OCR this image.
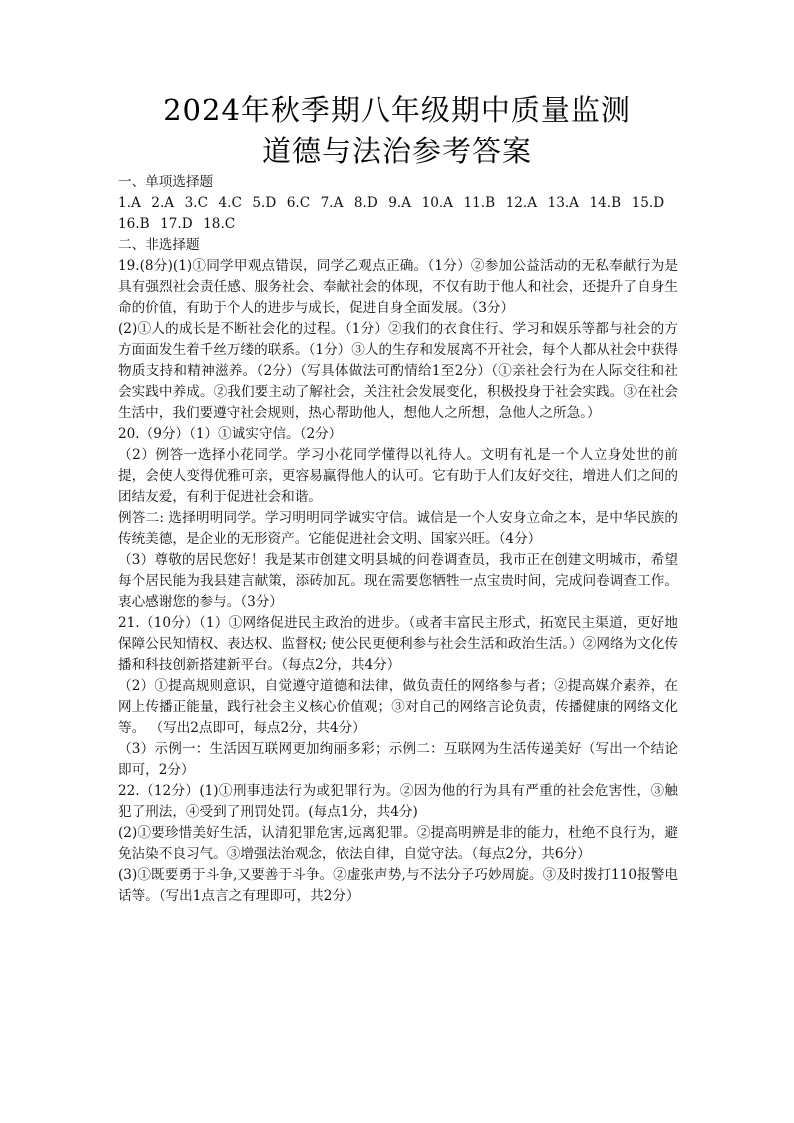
2024年秋季期八年级期中质量监测
道德与法治参考答案

一、单项选择题

1.A 2.A 3.C 4.C 5.D 6.C 7.A 8.D 9.A 10.A 11.B 12.A 13.A 14.B 15.D

16.B 17.D 18.C

二、非选择题

19.(8分)(1)①同学甲观点错误，同学乙观点正确。（1分）②参加公益活动的无私奉献行为是具有强烈社会责任感、服务社会、奉献社会的体现，不仅有助于他人和社会，还提升了自身生命的价值，有助于个人的进步与成长，促进自身全面发展。（3分）

(2)①人的成长是不断社会化的过程。（1分）②我们的衣食住行、学习和娱乐等都与社会的方方面面发生着千丝万缕的联系。（1分）③人的生存和发展离不开社会，每个人都从社会中获得物质支持和精神滋养。（2分）（写具体做法可酌情给1至2分）（①亲社会行为在人际交往和社会实践中养成。②我们要主动了解社会，关注社会发展变化，积极投身于社会实践。③在社会生活中，我们要遵守社会规则，热心帮助他人，想他人之所想，急他人之所急。）

20.（9分）（1）①诚实守信。（2分）

（2）例答一选择小花同学。学习小花同学懂得以礼待人。文明有礼是一个人立身处世的前提，会使人变得优雅可亲，更容易赢得他人的认可。它有助于人们友好交往，增进人们之间的团结友爱，有利于促进社会和谐。

例答二: 选择明明同学。学习明明同学诚实守信。诚信是一个人安身立命之本，是中华民族的传统美德，是企业的无形资产。它能促进社会文明、国家兴旺。（4分）

（3）尊敬的居民您好！我是某市创建文明县城的问卷调查员，我市正在创建文明城市，希望每个居民能为我县建言献策，添砖加瓦。现在需要您牺牲一点宝贵时间，完成问卷调查工作。衷心感谢您的参与。（3分）

21.（10分）（1）①网络促进民主政治的进步。（或者丰富民主形式，拓宽民主渠道，更好地保障公民知情权、表达权、监督权; 使公民更便利参与社会生活和政治生活。）②网络为文化传播和科技创新搭建新平台。（每点2分，共4分）

（2）①提高规则意识，自觉遵守道德和法律，做负责任的网络参与者；②提高媒介素养，在网上传播正能量，践行社会主义核心价值观；③对自己的网络言论负责，传播健康的网络文化等。 （写出2点即可，每点2分，共4分）

（3）示例一：生活因互联网更加绚丽多彩；示例二：互联网为生活传递美好（写出一个结论即可，2分）

22.（12分）(1)①刑事违法行为或犯罪行为。②因为他的行为具有严重的社会危害性，③触犯了刑法，④受到了刑罚处罚。(每点1分，共4分)

(2)①要珍惜美好生活，认清犯罪危害,远离犯罪。②提高明辨是非的能力，杜绝不良行为，避免沾染不良习气。③增强法治观念，依法自律，自觉守法。（每点2分，共6分）

(3)①既要勇于斗争,又要善于斗争。②虚张声势,与不法分子巧妙周旋。③及时拨打110报警电话等。（写出1点言之有理即可，共2分）
